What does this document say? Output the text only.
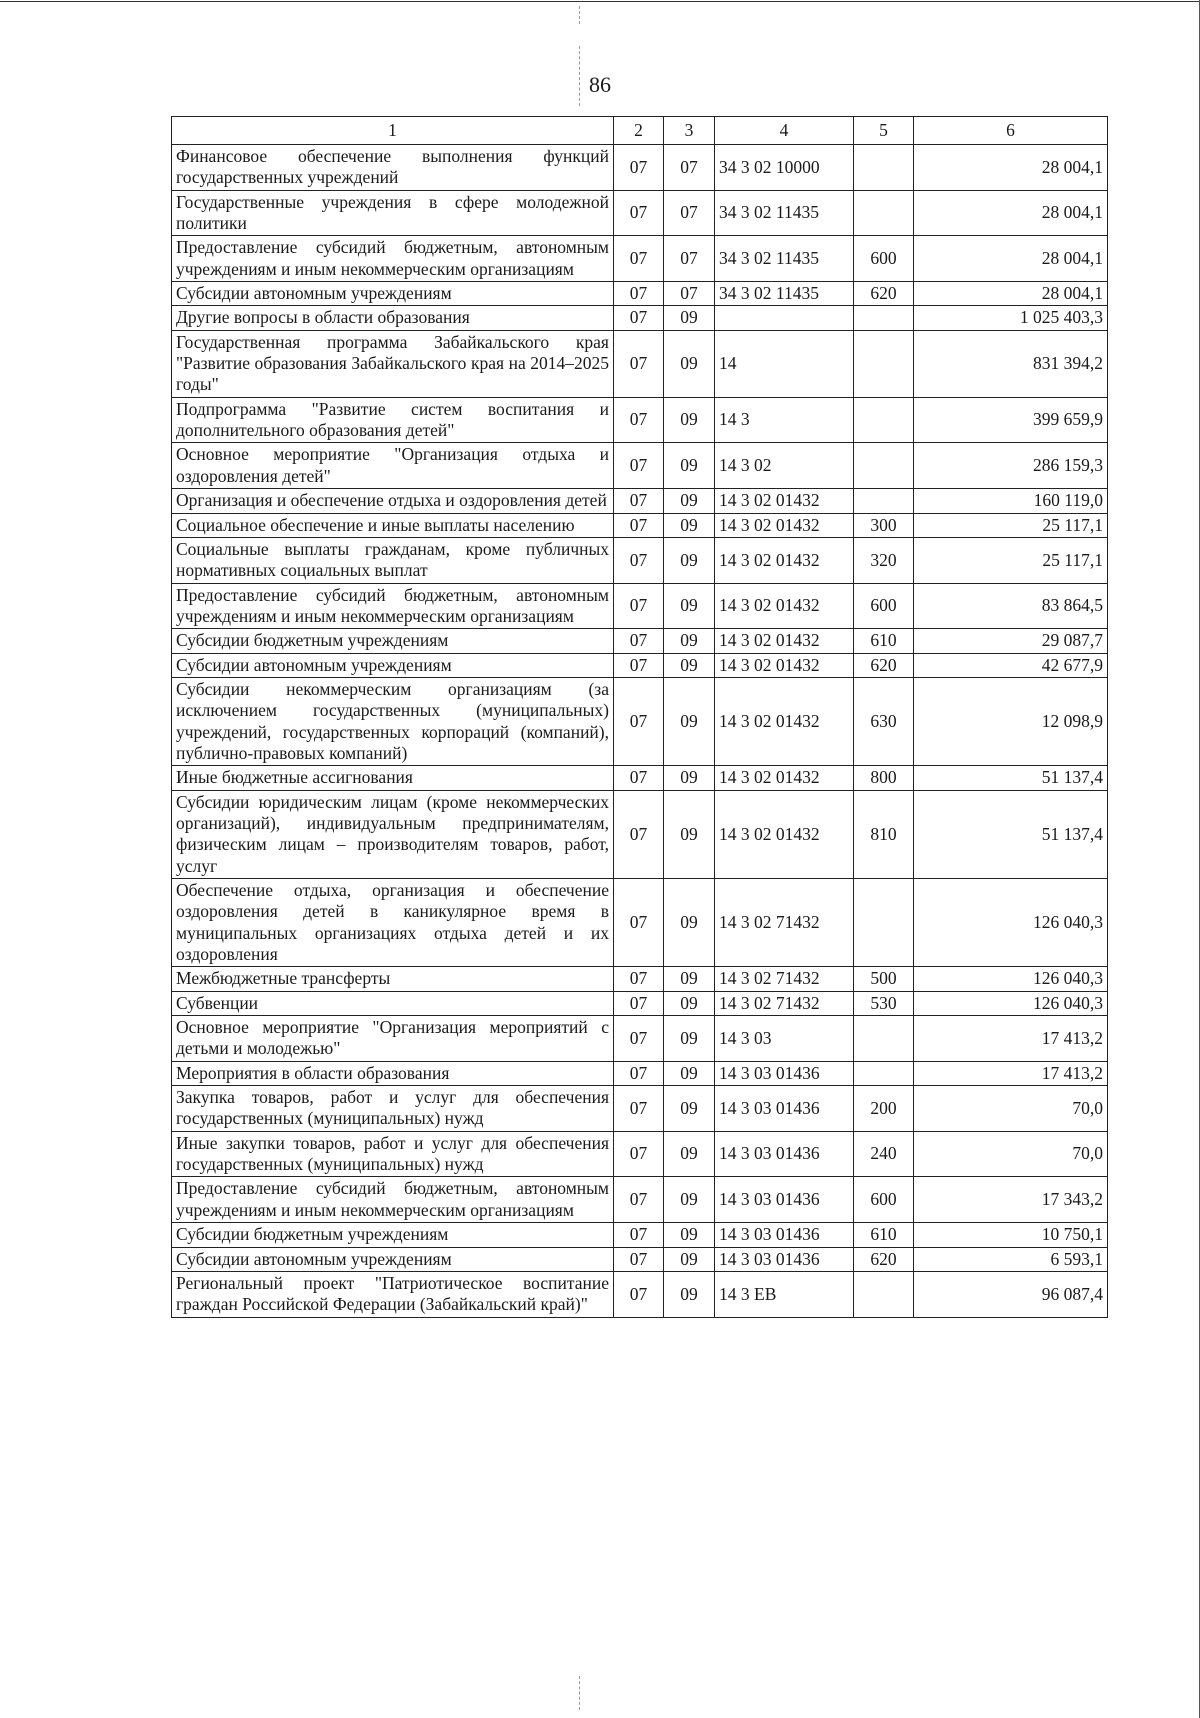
86
1	2	3	4	5	6
Финансовое обеспечение выполнения функций государственных учреждений	07	07	34 3 02 10000		28 004,1
Государственные учреждения в сфере молодежной политики	07	07	34 3 02 11435		28 004,1
Предоставление субсидий бюджетным, автономным учреждениям и иным некоммерческим организациям	07	07	34 3 02 11435	600	28 004,1
Субсидии автономным учреждениям	07	07	34 3 02 11435	620	28 004,1
Другие вопросы в области образования	07	09			1 025 403,3
Государственная программа Забайкальского края "Развитие образования Забайкальского края на 2014–2025 годы"	07	09	14		831 394,2
Подпрограмма "Развитие систем воспитания и дополнительного образования детей"	07	09	14 3		399 659,9
Основное мероприятие "Организация отдыха и оздоровления детей"	07	09	14 3 02		286 159,3
Организация и обеспечение отдыха и оздоровления детей	07	09	14 3 02 01432		160 119,0
Социальное обеспечение и иные выплаты населению	07	09	14 3 02 01432	300	25 117,1
Социальные выплаты гражданам, кроме публичных нормативных социальных выплат	07	09	14 3 02 01432	320	25 117,1
Предоставление субсидий бюджетным, автономным учреждениям и иным некоммерческим организациям	07	09	14 3 02 01432	600	83 864,5
Субсидии бюджетным учреждениям	07	09	14 3 02 01432	610	29 087,7
Субсидии автономным учреждениям	07	09	14 3 02 01432	620	42 677,9
Субсидии некоммерческим организациям (за исключением государственных (муниципальных) учреждений, государственных корпораций (компаний), публично-правовых компаний)	07	09	14 3 02 01432	630	12 098,9
Иные бюджетные ассигнования	07	09	14 3 02 01432	800	51 137,4
Субсидии юридическим лицам (кроме некоммерческих организаций), индивидуальным предпринимателям, физическим лицам – производителям товаров, работ, услуг	07	09	14 3 02 01432	810	51 137,4
Обеспечение отдыха, организация и обеспечение оздоровления детей в каникулярное время в муниципальных организациях отдыха детей и их оздоровления	07	09	14 3 02 71432		126 040,3
Межбюджетные трансферты	07	09	14 3 02 71432	500	126 040,3
Субвенции	07	09	14 3 02 71432	530	126 040,3
Основное мероприятие "Организация мероприятий с детьми и молодежью"	07	09	14 3 03		17 413,2
Мероприятия в области образования	07	09	14 3 03 01436		17 413,2
Закупка товаров, работ и услуг для обеспечения государственных (муниципальных) нужд	07	09	14 3 03 01436	200	70,0
Иные закупки товаров, работ и услуг для обеспечения государственных (муниципальных) нужд	07	09	14 3 03 01436	240	70,0
Предоставление субсидий бюджетным, автономным учреждениям и иным некоммерческим организациям	07	09	14 3 03 01436	600	17 343,2
Субсидии бюджетным учреждениям	07	09	14 3 03 01436	610	10 750,1
Субсидии автономным учреждениям	07	09	14 3 03 01436	620	6 593,1
Региональный проект "Патриотическое воспитание граждан Российской Федерации (Забайкальский край)"	07	09	14 3 EB		96 087,4
